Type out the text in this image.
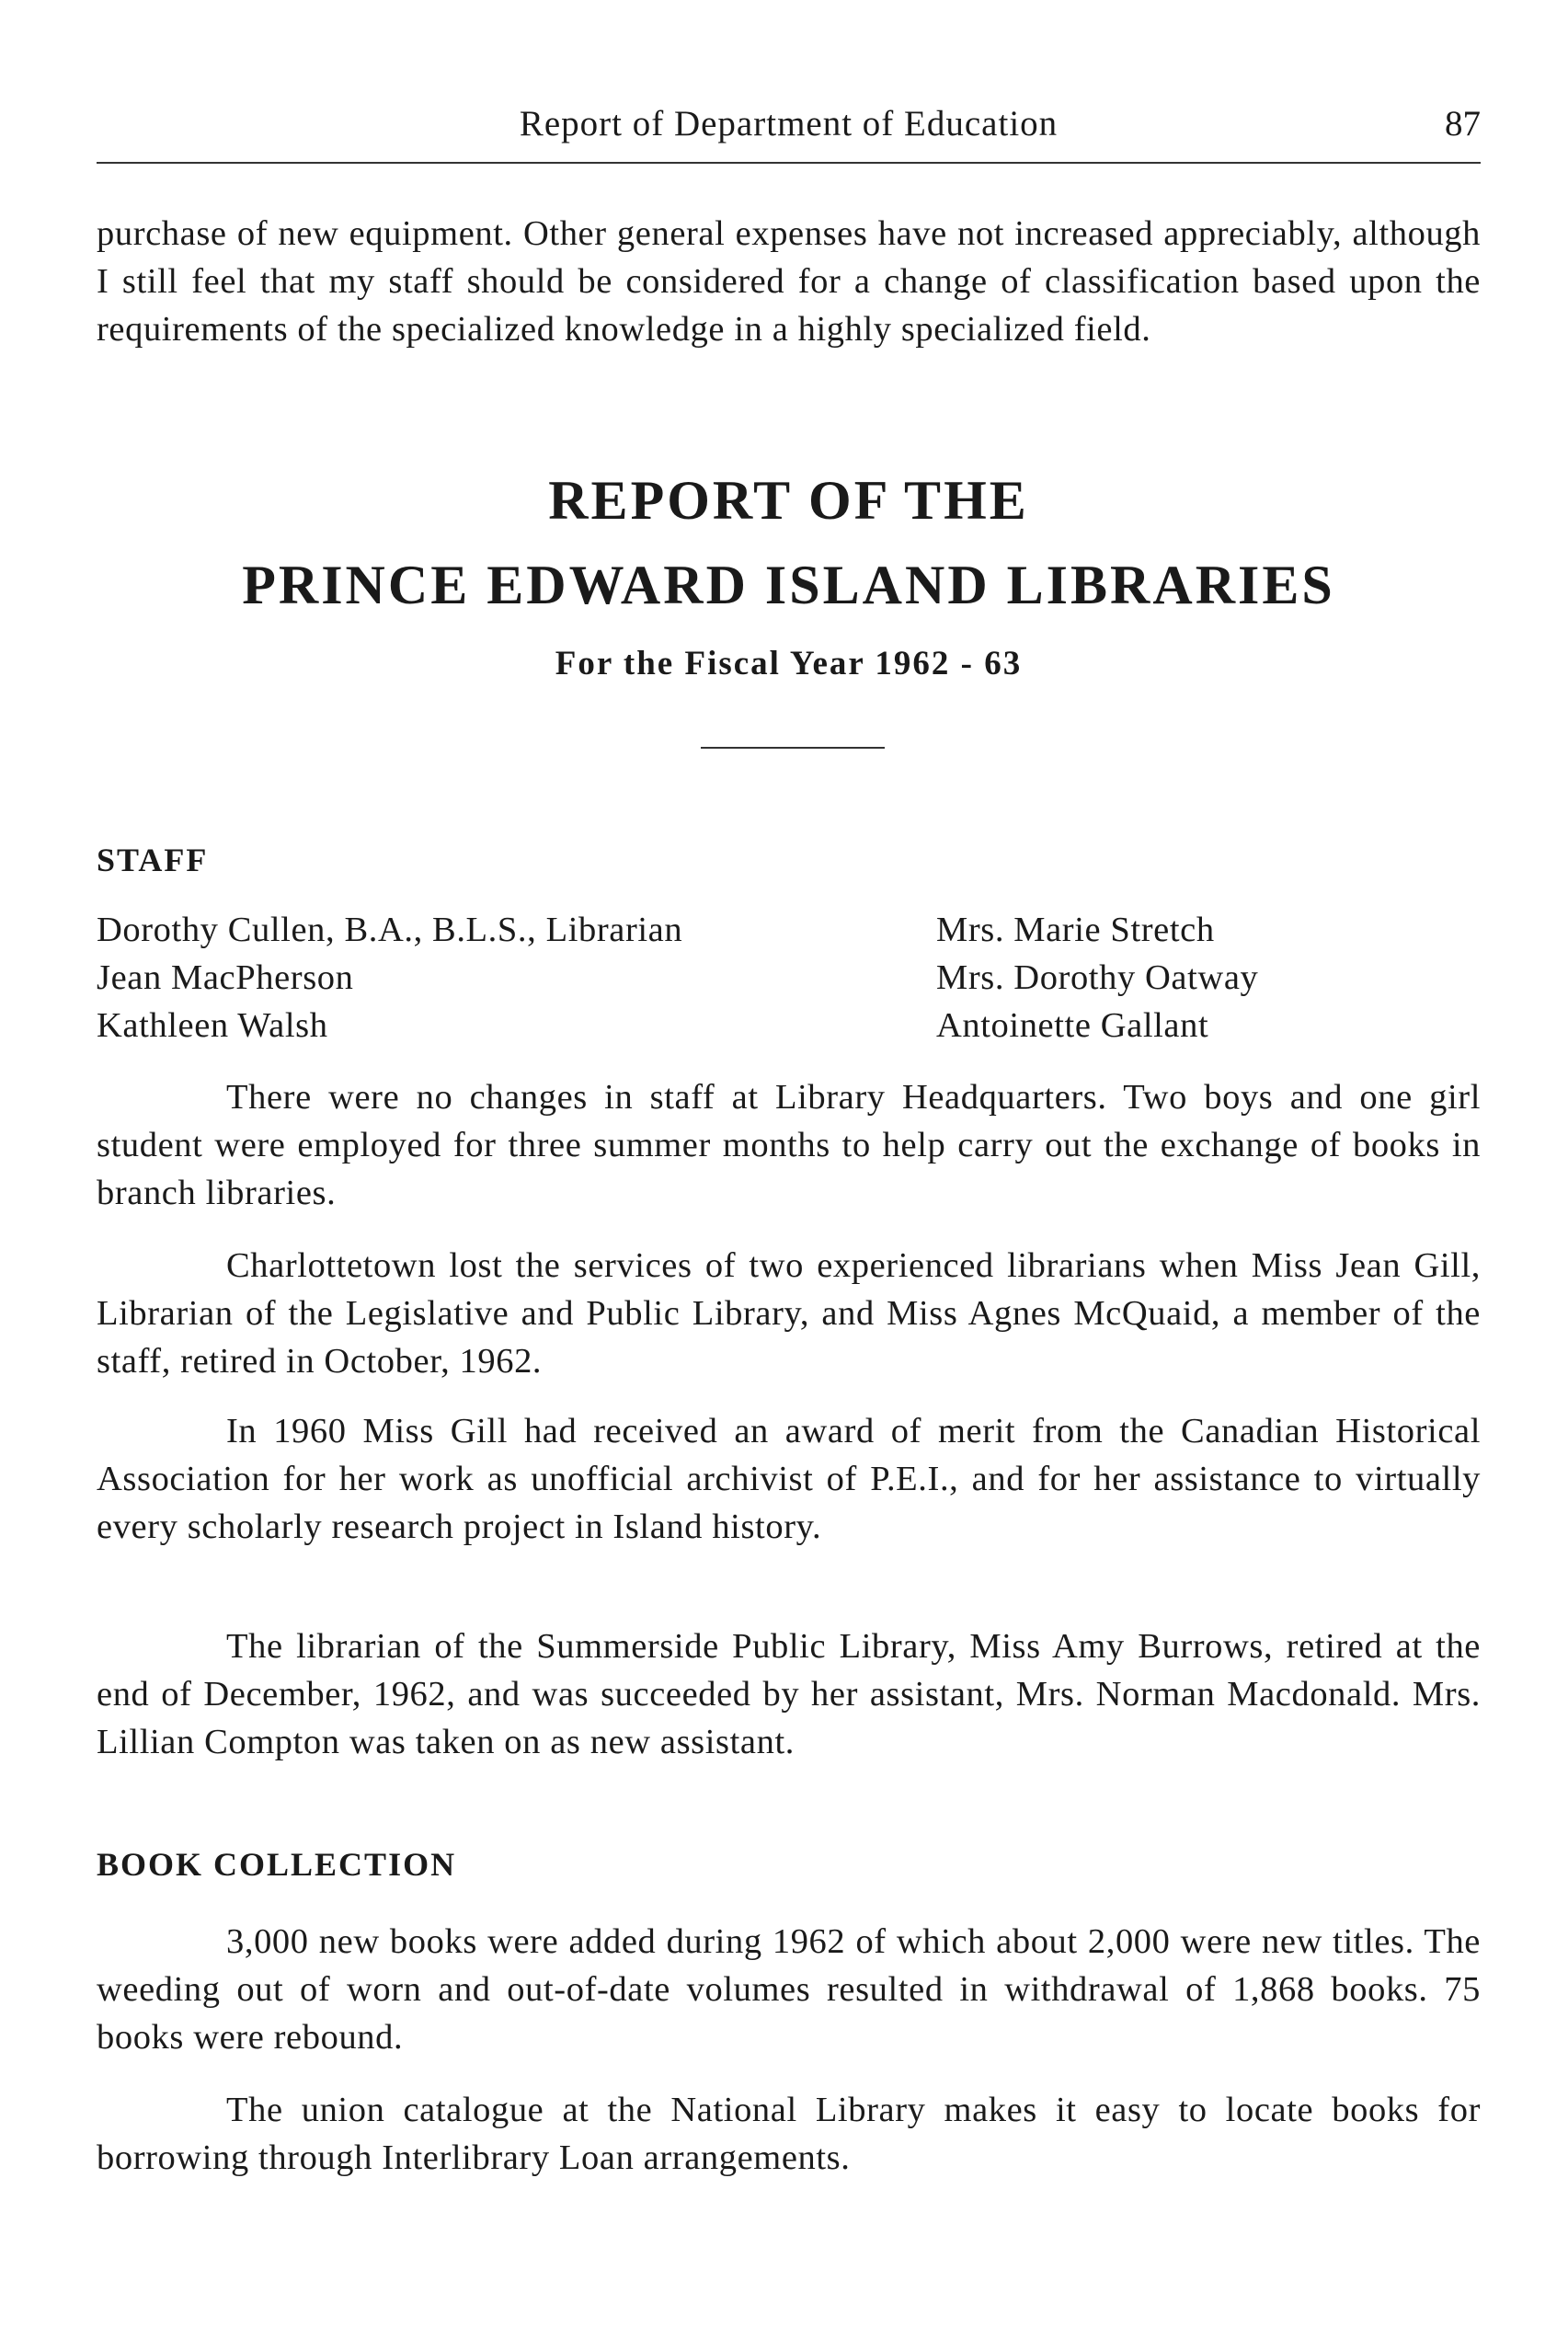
Report of Department of Education	87

purchase of new equipment. Other general expenses have not increased appreciably, although I still feel that my staff should be considered for a change of classification based upon the requirements of the specialized knowledge in a highly specialized field.

REPORT OF THE
PRINCE EDWARD ISLAND LIBRARIES
For the Fiscal Year 1962 - 63
STAFF
Dorothy Cullen, B.A., B.L.S., Librarian
Jean MacPherson
Kathleen Walsh
Mrs. Marie Stretch
Mrs. Dorothy Oatway
Antoinette Gallant

There were no changes in staff at Library Headquarters. Two boys and one girl student were employed for three summer months to help carry out the exchange of books in branch libraries.

Charlottetown lost the services of two experienced librarians when Miss Jean Gill, Librarian of the Legislative and Public Library, and Miss Agnes McQuaid, a member of the staff, retired in October, 1962.

In 1960 Miss Gill had received an award of merit from the Canadian Historical Association for her work as unofficial archivist of P.E.I., and for her assistance to virtually every scholarly research project in Island history.

The librarian of the Summerside Public Library, Miss Amy Burrows, retired at the end of December, 1962, and was succeeded by her assistant, Mrs. Norman Macdonald. Mrs. Lillian Compton was taken on as new assistant.

BOOK COLLECTION

3,000 new books were added during 1962 of which about 2,000 were new titles. The weeding out of worn and out-of-date volumes resulted in withdrawal of 1,868 books. 75 books were rebound.

The union catalogue at the National Library makes it easy to locate books for borrowing through Interlibrary Loan arrangements.
